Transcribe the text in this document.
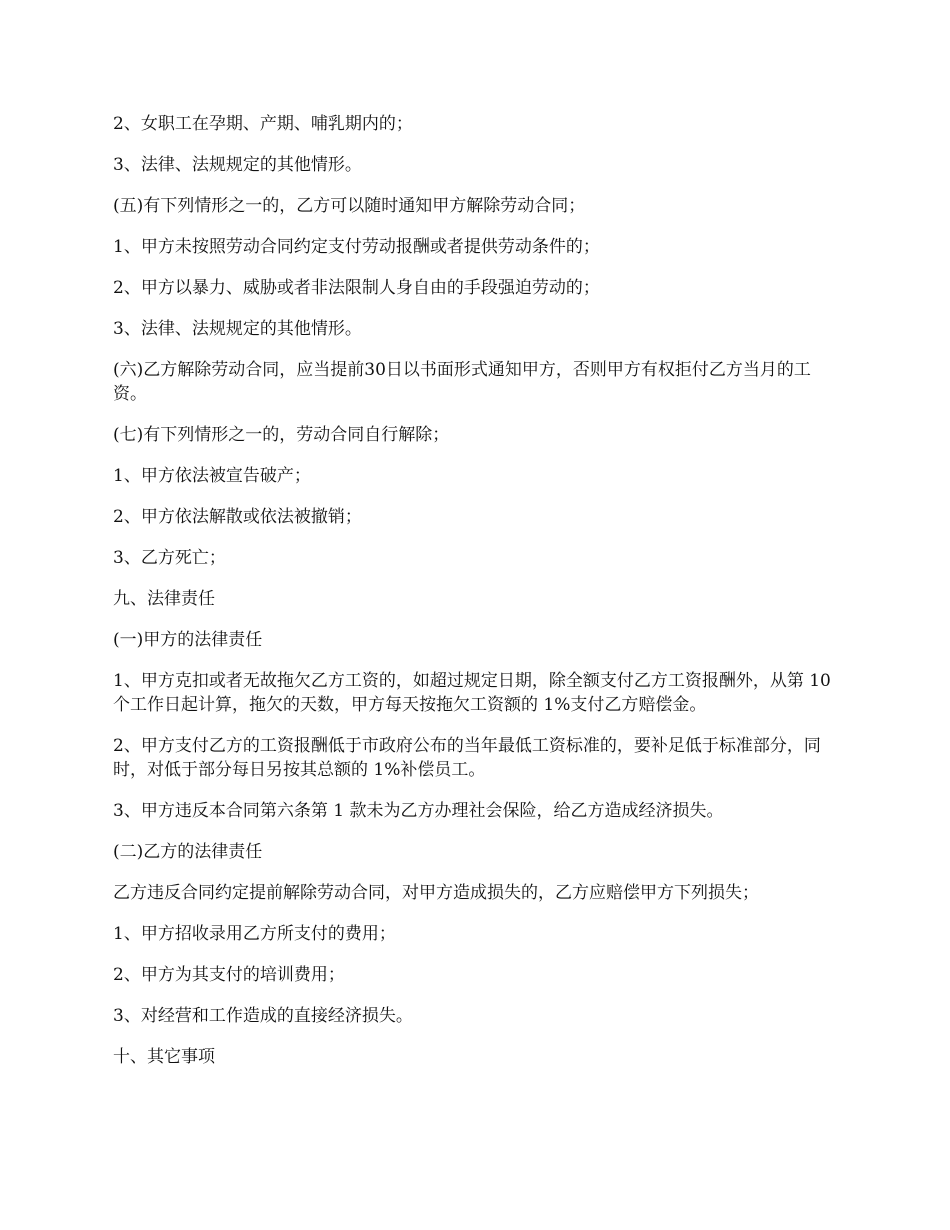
2、女职工在孕期、产期、哺乳期内的；

3、法律、法规规定的其他情形。

(五)有下列情形之一的，乙方可以随时通知甲方解除劳动合同；

1、甲方未按照劳动合同约定支付劳动报酬或者提供劳动条件的；

2、甲方以暴力、威胁或者非法限制人身自由的手段强迫劳动的；

3、法律、法规规定的其他情形。

(六)乙方解除劳动合同，应当提前30日以书面形式通知甲方，否则甲方有权拒付乙方当月的工资。

(七)有下列情形之一的，劳动合同自行解除；

1、甲方依法被宣告破产；

2、甲方依法解散或依法被撤销；

3、乙方死亡；

九、法律责任

(一)甲方的法律责任

1、甲方克扣或者无故拖欠乙方工资的，如超过规定日期，除全额支付乙方工资报酬外，从第 10 个工作日起计算，拖欠的天数，甲方每天按拖欠工资额的 1%支付乙方赔偿金。

2、甲方支付乙方的工资报酬低于市政府公布的当年最低工资标准的，要补足低于标准部分，同时，对低于部分每日另按其总额的 1%补偿员工。

3、甲方违反本合同第六条第 1 款未为乙方办理社会保险，给乙方造成经济损失。

(二)乙方的法律责任

乙方违反合同约定提前解除劳动合同，对甲方造成损失的，乙方应赔偿甲方下列损失；

1、甲方招收录用乙方所支付的费用；

2、甲方为其支付的培训费用；

3、对经营和工作造成的直接经济损失。

十、其它事项
